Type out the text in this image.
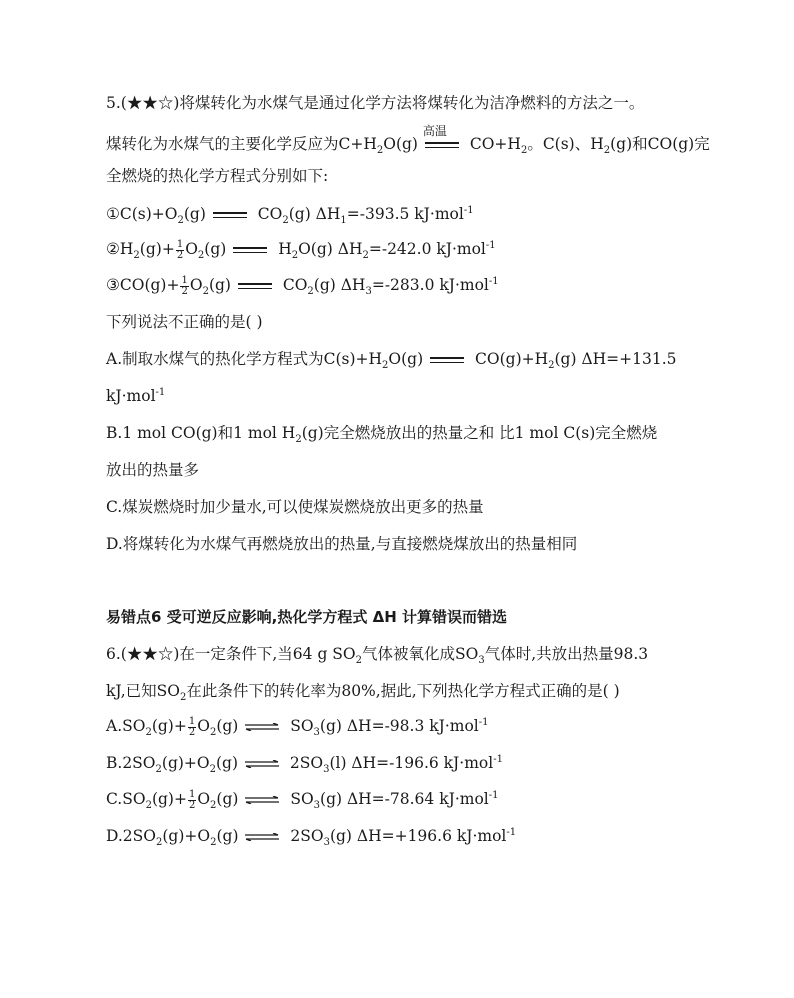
5.(★★☆)将煤转化为水煤气是通过化学方法将煤转化为洁净燃料的方法之一。
煤转化为水煤气的主要化学反应为$C+H_2O(g)$
高温
$CO+H_2$。C(s)、$H_2(g)$和CO(g)完
全燃烧的热化学方程式分别如下:
$①C(s)+O_2(g)$	$CO_2(g)$ $\Delta H_1=-393.5$ kJ·mol$^{-1}$
$②H_2(g)+ \frac{1}{2} O_2(g)$	$H_2O(g)$ $\Delta H_2=-242.0$ kJ·mol$^{-1}$
③CO(g)+ $\frac{1}{2} O_2(g)$	$CO_2(g)$ $\Delta H_3=-283.0$ kJ·mol$^{-1}$
下列说法不正确的是( )
A.制取水煤气的热化学方程式为$C(s)+H_2O(g)$	$CO(g)+H_2(g)$ ΔH=+131.5
kJ·mol$^{-1}$
B.1 mol CO(g)和1 mol $H_2(g)$完全燃烧放出的热量之和 比1 mol C(s)完全燃烧
放出的热量多
C.煤炭燃烧时加少量水,可以使煤炭燃烧放出更多的热量
D.将煤转化为水煤气再燃烧放出的热量,与直接燃烧煤放出的热量相同
易错点6 受可逆反应影响,热化学方程式 ΔH 计算错误而错选
6.(★★☆)在一定条件下,当64 g $SO_2$气体被氧化成$SO_3$气体时,共放出热量98.3
kJ,已知$SO_2$在此条件下的转化率为80%,据此,下列热化学方程式正确的是( )
$A.SO_2(g)+ \frac{1}{2} O_2(g)$ ⇌ $SO_3(g)$ ΔH=-98.3 kJ·mol$^{-1}$
$B.2SO_2(g)+O_2(g)$ ⇌ $2SO_3(l)$ ΔH=-196.6 kJ·mol$^{-1}$
$C.SO_2(g)+ \frac{1}{2} O_2(g)$ ⇌ $SO_3(g)$ ΔH=-78.64 kJ·mol$^{-1}$
$D.2SO_2(g)+O_2(g)$ ⇌ $2SO_3(g)$ ΔH=+196.6 kJ·mol$^{-1}$
